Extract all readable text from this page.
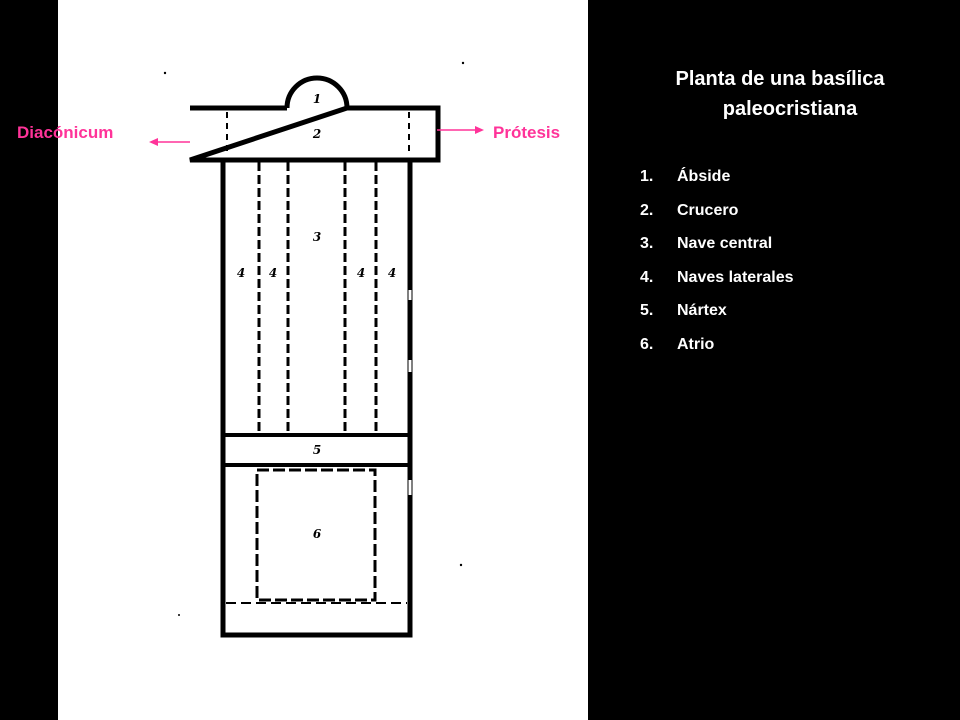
1
2
3
4 4	4 4
5
6
Diacónicum	Prótesis
Planta de una basílica
paleocristiana
1.	Ábside
2.	Crucero
3.	Nave central
4.	Naves laterales
5.	Nártex
6.	Atrio
